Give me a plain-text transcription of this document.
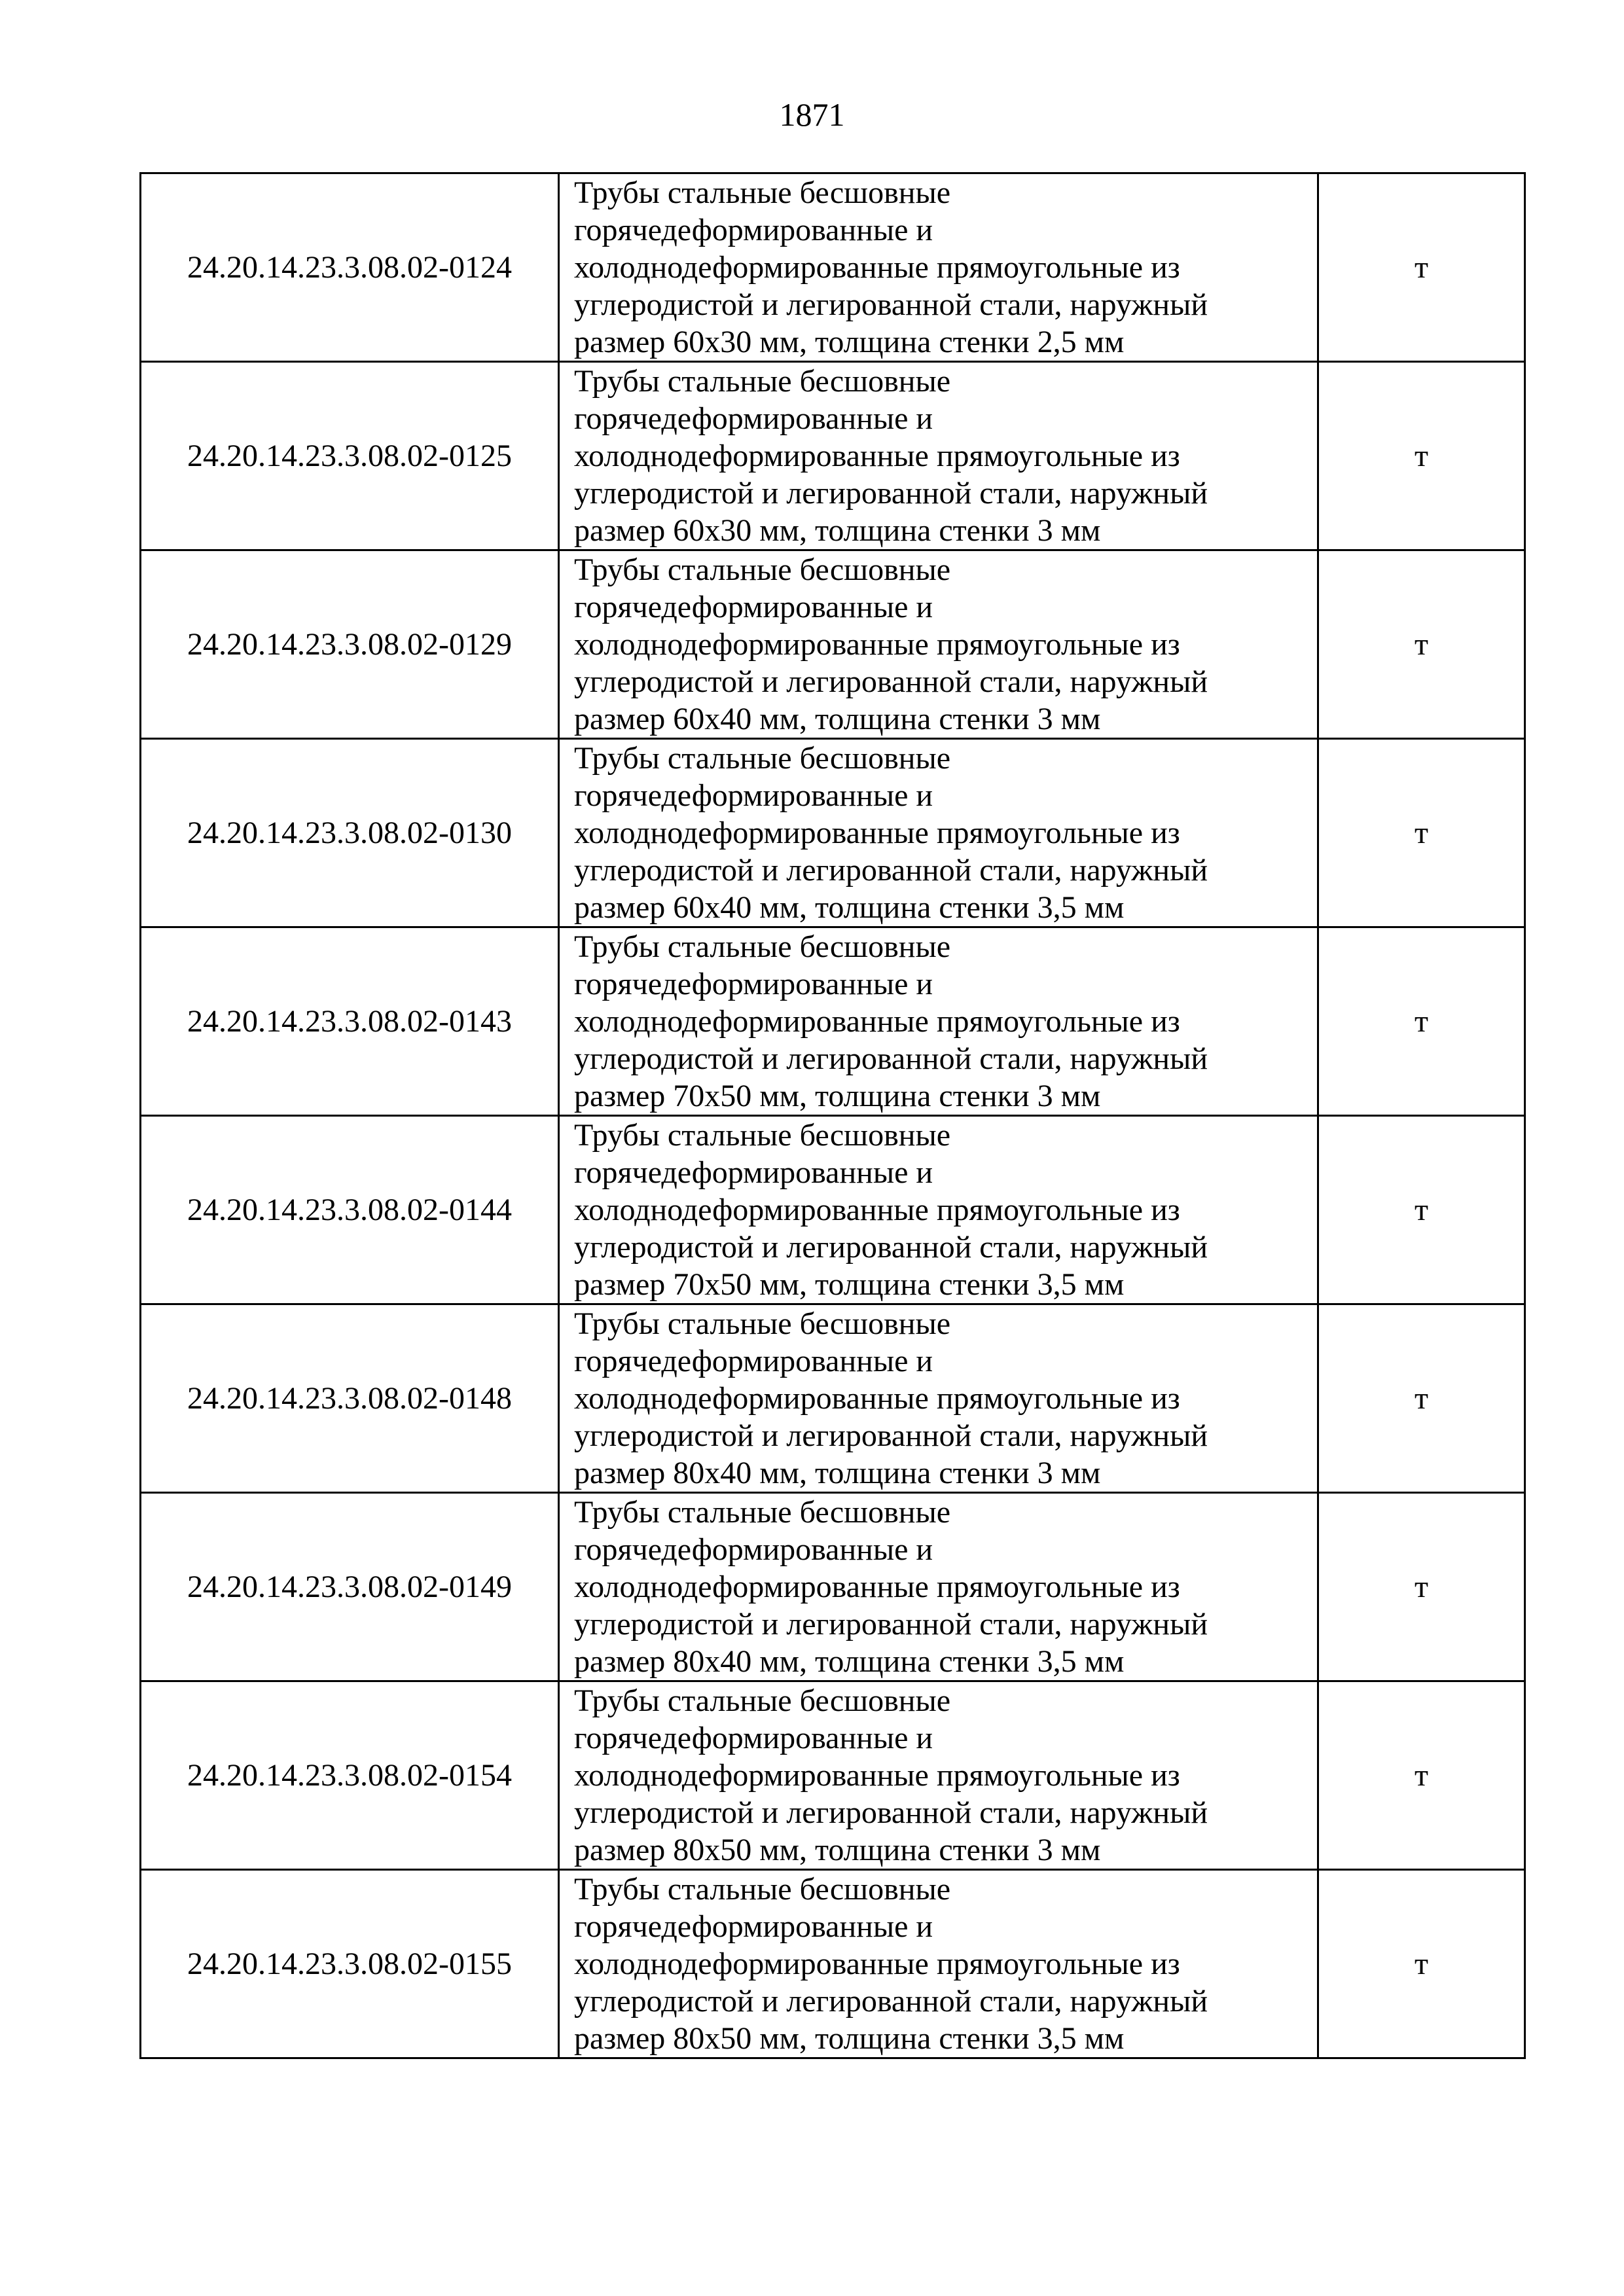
1871
24.20.14.23.3.08.02-0124	Трубы стальные бесшовные
горячедеформированные и
холоднодеформированные прямоугольные из
углеродистой и легированной стали, наружный
размер 60x30 мм, толщина стенки 2,5 мм	т
24.20.14.23.3.08.02-0125	Трубы стальные бесшовные
горячедеформированные и
холоднодеформированные прямоугольные из
углеродистой и легированной стали, наружный
размер 60x30 мм, толщина стенки 3 мм	т
24.20.14.23.3.08.02-0129	Трубы стальные бесшовные
горячедеформированные и
холоднодеформированные прямоугольные из
углеродистой и легированной стали, наружный
размер 60x40 мм, толщина стенки 3 мм	т
24.20.14.23.3.08.02-0130	Трубы стальные бесшовные
горячедеформированные и
холоднодеформированные прямоугольные из
углеродистой и легированной стали, наружный
размер 60x40 мм, толщина стенки 3,5 мм	т
24.20.14.23.3.08.02-0143	Трубы стальные бесшовные
горячедеформированные и
холоднодеформированные прямоугольные из
углеродистой и легированной стали, наружный
размер 70x50 мм, толщина стенки 3 мм	т
24.20.14.23.3.08.02-0144	Трубы стальные бесшовные
горячедеформированные и
холоднодеформированные прямоугольные из
углеродистой и легированной стали, наружный
размер 70x50 мм, толщина стенки 3,5 мм	т
24.20.14.23.3.08.02-0148	Трубы стальные бесшовные
горячедеформированные и
холоднодеформированные прямоугольные из
углеродистой и легированной стали, наружный
размер 80x40 мм, толщина стенки 3 мм	т
24.20.14.23.3.08.02-0149	Трубы стальные бесшовные
горячедеформированные и
холоднодеформированные прямоугольные из
углеродистой и легированной стали, наружный
размер 80x40 мм, толщина стенки 3,5 мм	т
24.20.14.23.3.08.02-0154	Трубы стальные бесшовные
горячедеформированные и
холоднодеформированные прямоугольные из
углеродистой и легированной стали, наружный
размер 80x50 мм, толщина стенки 3 мм	т
24.20.14.23.3.08.02-0155	Трубы стальные бесшовные
горячедеформированные и
холоднодеформированные прямоугольные из
углеродистой и легированной стали, наружный
размер 80x50 мм, толщина стенки 3,5 мм	т
